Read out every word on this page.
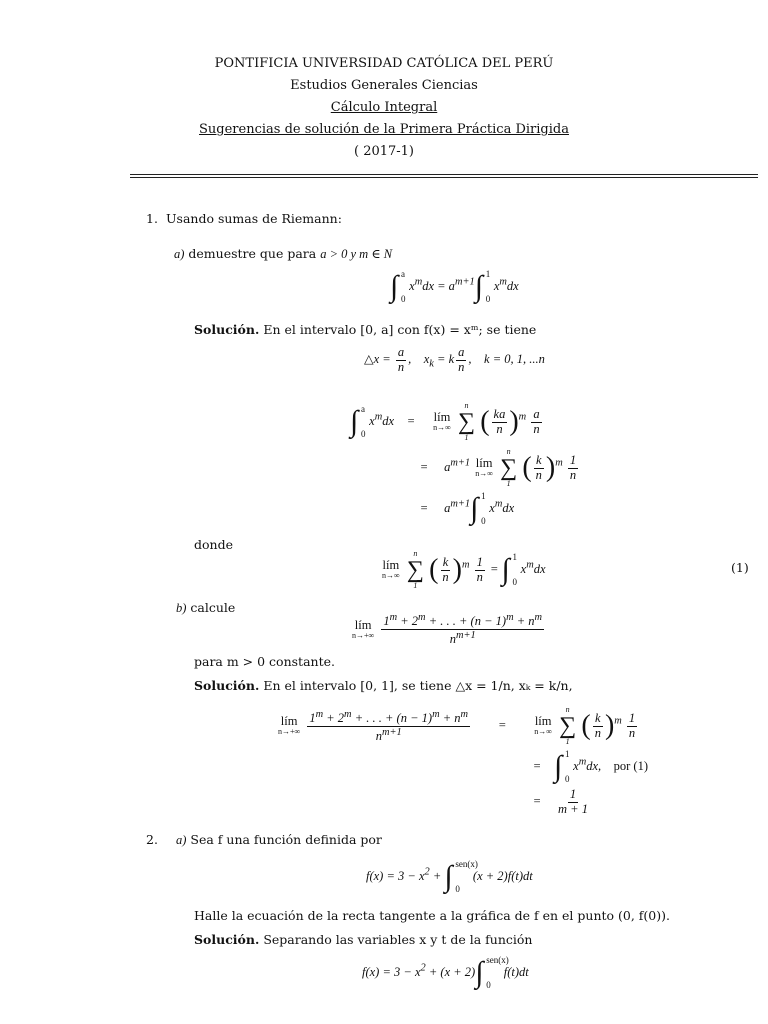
PONTIFICIA UNIVERSIDAD CATÓLICA DEL PERÚ
Estudios Generales Ciencias
Cálculo Integral
Sugerencias de solución de la Primera Práctica Dirigida
( 2017-1)
1. Usando sumas de Riemann:
a) demuestre que para a > 0 y m ∈ N
∫ a
0
$x^mdx = a^{m+1}\int$ 1
0
$x^mdx$
Solución. En el intervalo [0, a] con f(x) = xᵐ; se tiene
△x = $\frac{a}{n}$ ,    $x_k = k \frac{a}{n}$ ,    k = 0, 1, ...n
∫ a
0
$x^mdx$ = lím
n→∞

n
∑
1
( $\frac{ka}{n} )^m \frac{a}{n}$
= $a^{m+1}$ lím
n→∞

n
∑
1
( $\frac{k}{n} )^m \frac{1}{n}$
= $a^{m+1}\int$ 1
0
$x^mdx$
donde
lím
n→∞

n
∑
1
( $\frac{k}{n} )^m \frac{1}{n}$ = ∫ 1
0
$x^mdx$	(1)
b) calcule
lím
n→+∞
$\frac{1^m + 2^m + . . . + (n - 1)^m + n^m}{n^{m+1}}$
para m > 0 constante.
Solución. En el intervalo [0, 1], se tiene △x = 1/n, xₖ = k/n,
lím
n→+∞
$\frac{1^m + 2^m + . . . + (n - 1)^m + n^m}{n^{m+1}}$ = lím
n→∞

n
∑
1
( $\frac{k}{n} )^m \frac{1}{n}$
= ∫ 1
0
$x^mdx$,    por (1)
= $\frac{1}{m + 1}$
2. a) Sea f una función definida por
$f(x) = 3 - x^2$ + ∫ sen(x)
0
(x + 2)f(t)dt
Halle la ecuación de la recta tangente a la gráfica de f en el punto (0, f(0)).
Solución. Separando las variables x y t de la función
$f(x) = 3 - x^2 + (x + 2)\int$ sen(x)
0
f(t)dt
